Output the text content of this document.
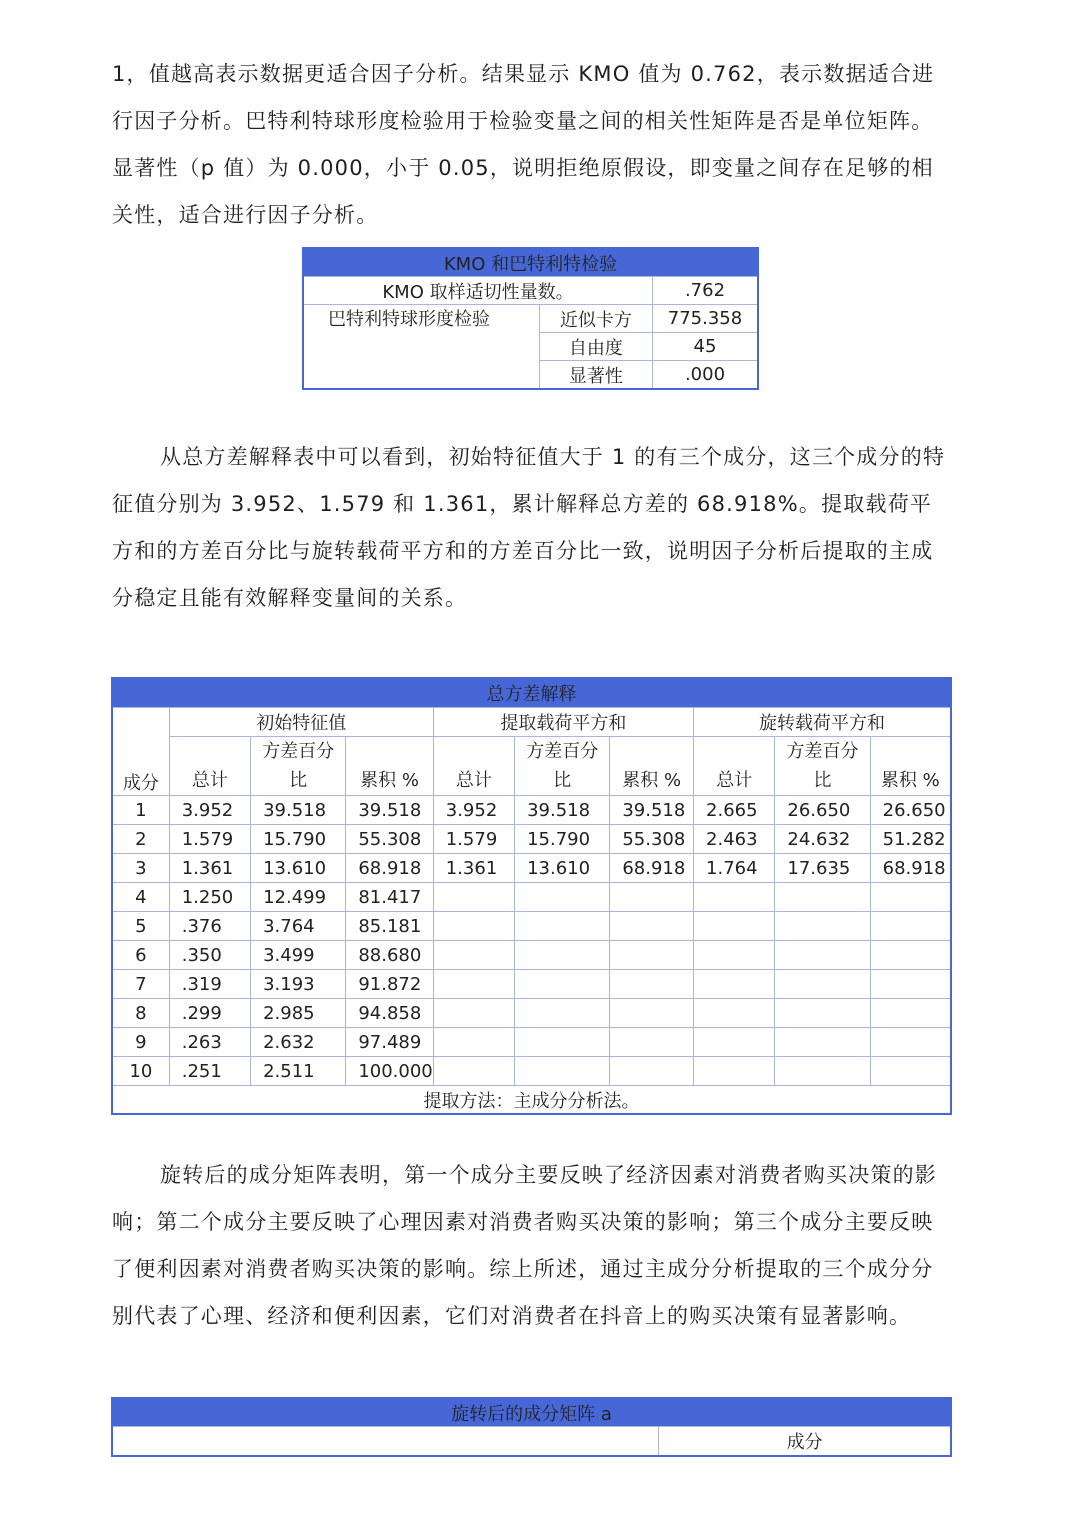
1，值越高表示数据更适合因子分析。结果显示 KMO 值为 0.762，表示数据适合进行因子分析。巴特利特球形度检验用于检验变量之间的相关性矩阵是否是单位矩阵。显著性（p 值）为 0.000，小于 0.05，说明拒绝原假设，即变量之间存在足够的相关性，适合进行因子分析。

KMO 和巴特利特检验		
KMO 取样适切性量数。		.762
巴特利特球形度检验	近似卡方	775.358
	自由度	45
	显著性	.000

从总方差解释表中可以看到，初始特征值大于 1 的有三个成分，这三个成分的特征值分别为 3.952、1.579 和 1.361，累计解释总方差的 68.918%。提取载荷平方和的方差百分比与旋转载荷平方和的方差百分比一致，说明因子分析后提取的主成分稳定且能有效解释变量间的关系。

总方差解释									
成分	初始特征值			提取载荷平方和			旋转载荷平方和		
	总计	方差百分比	累积 %	总计	方差百分比	累积 %	总计	方差百分比	累积 %
1	3.952	39.518	39.518	3.952	39.518	39.518	2.665	26.650	26.650
2	1.579	15.790	55.308	1.579	15.790	55.308	2.463	24.632	51.282
3	1.361	13.610	68.918	1.361	13.610	68.918	1.764	17.635	68.918
4	1.250	12.499	81.417						
5	.376	3.764	85.181						
6	.350	3.499	88.680						
7	.319	3.193	91.872						
8	.299	2.985	94.858						
9	.263	2.632	97.489						
10	.251	2.511	100.000						
提取方法：主成分分析法。									

旋转后的成分矩阵表明，第一个成分主要反映了经济因素对消费者购买决策的影响；第二个成分主要反映了心理因素对消费者购买决策的影响；第三个成分主要反映了便利因素对消费者购买决策的影响。综上所述，通过主成分分析提取的三个成分分别代表了心理、经济和便利因素，它们对消费者在抖音上的购买决策有显著影响。

旋转后的成分矩阵 a
	成分
